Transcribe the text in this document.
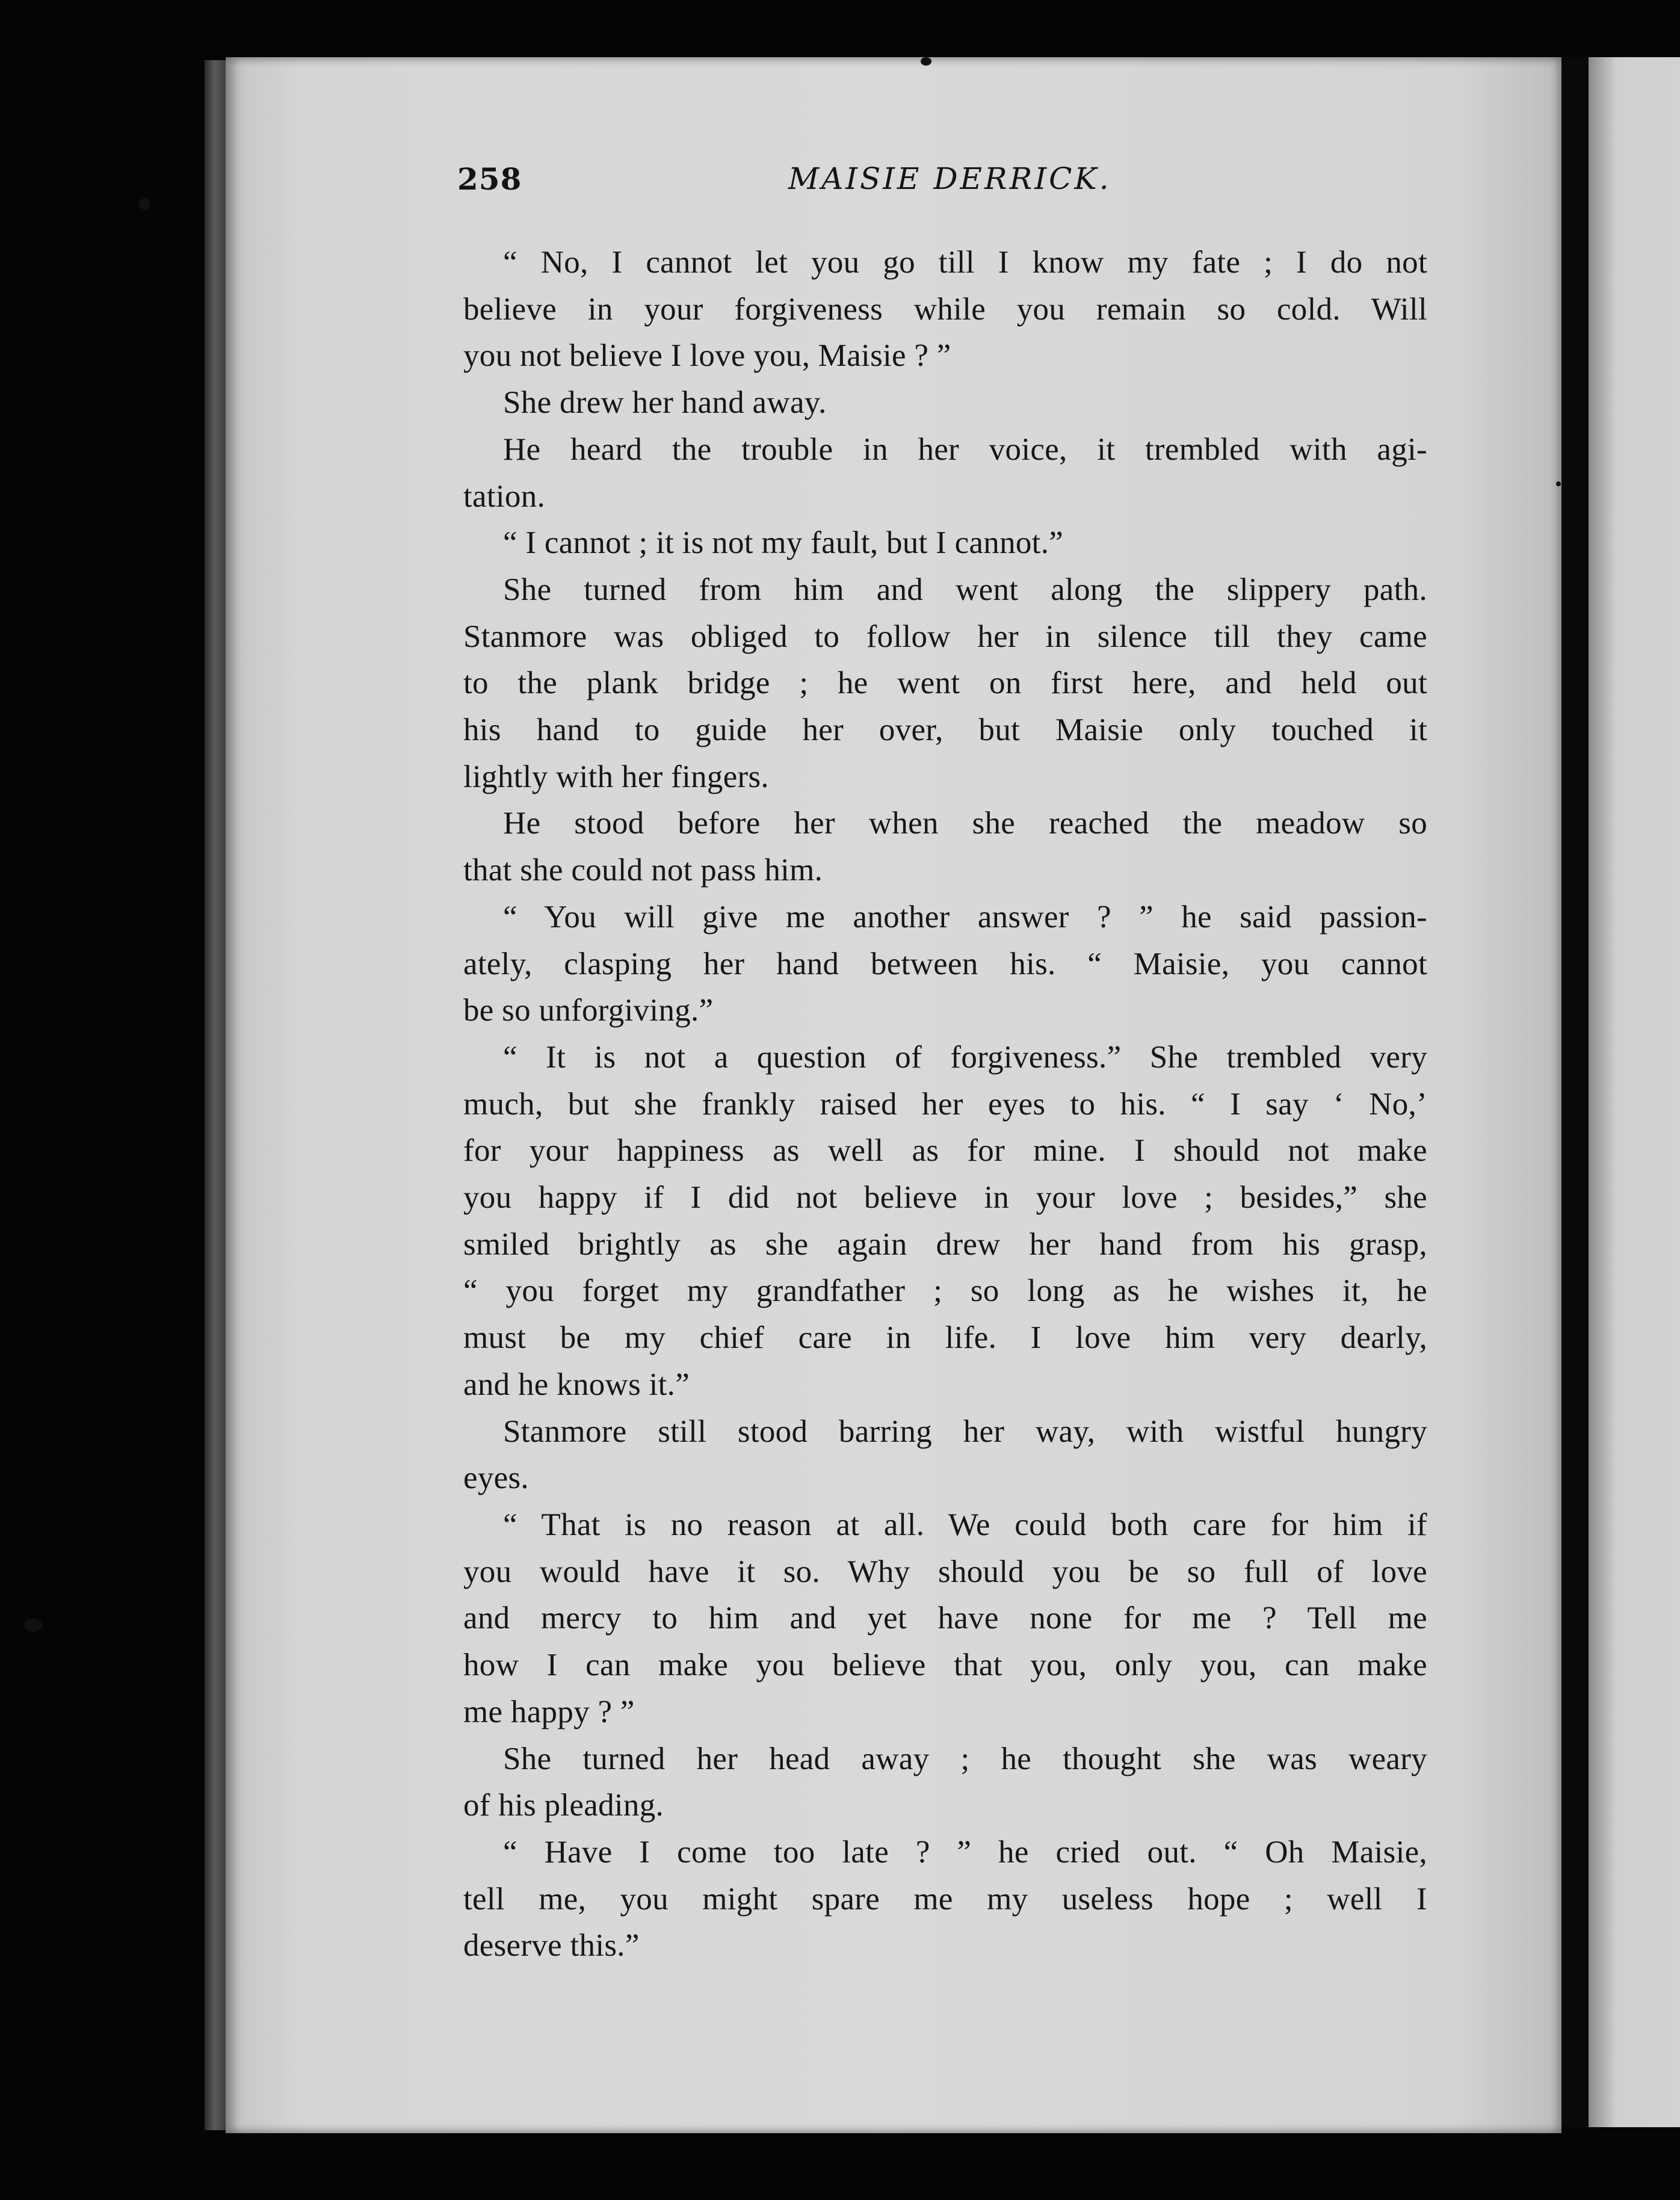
258	MAISIE DERRICK.

“ No, I cannot let you go till I know my fate ; I do not
believe in your forgiveness while you remain so cold. Will
you not believe I love you, Maisie ? ”

She drew her hand away.

He heard the trouble in her voice, it trembled with agi-
tation.

“ I cannot ; it is not my fault, but I cannot.”

She turned from him and went along the slippery path.
Stanmore was obliged to follow her in silence till they came
to the plank bridge ; he went on first here, and held out
his hand to guide her over, but Maisie only touched it
lightly with her fingers.

He stood before her when she reached the meadow so
that she could not pass him.

“ You will give me another answer ? ” he said passion-
ately, clasping her hand between his. “ Maisie, you cannot
be so unforgiving.”

“ It is not a question of forgiveness.” She trembled very
much, but she frankly raised her eyes to his. “ I say ‘ No,’
for your happiness as well as for mine. I should not make
you happy if I did not believe in your love ; besides,” she
smiled brightly as she again drew her hand from his grasp,
“ you forget my grandfather ; so long as he wishes it, he
must be my chief care in life. I love him very dearly,
and he knows it.”

Stanmore still stood barring her way, with wistful hungry
eyes.

“ That is no reason at all. We could both care for him if
you would have it so. Why should you be so full of love
and mercy to him and yet have none for me ? Tell me
how I can make you believe that you, only you, can make
me happy ? ”

She turned her head away ; he thought she was weary
of his pleading.

“ Have I come too late ? ” he cried out. “ Oh Maisie,
tell me, you might spare me my useless hope ; well I
deserve this.”
